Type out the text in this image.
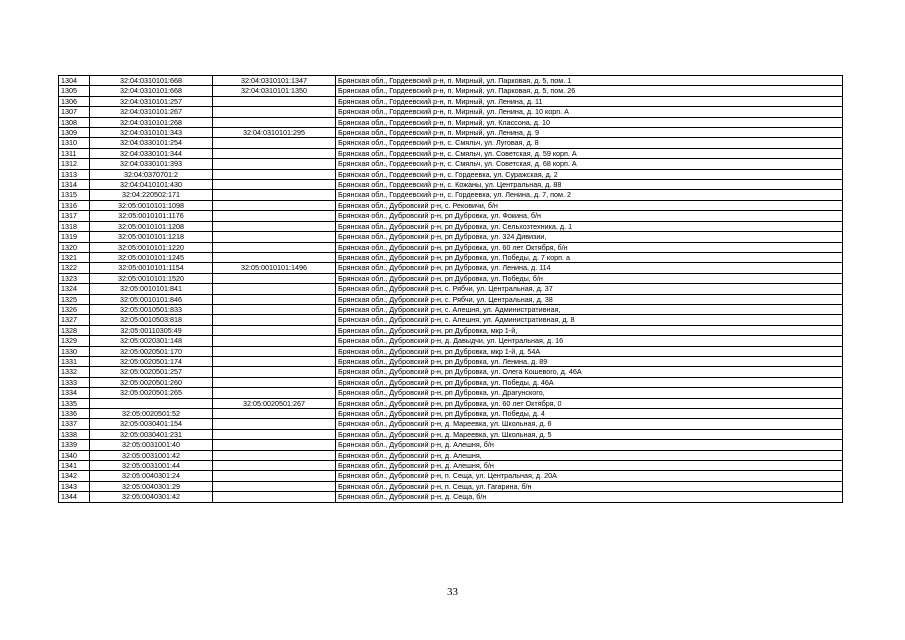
1304	32:04:0310101:668	32:04:0310101:1347	Брянская обл., Гордеевский р-н, п. Мирный, ул. Парковая, д. 5, пом. 1
1305	32:04:0310101:668	32:04:0310101:1350	Брянская обл., Гордеевский р-н, п. Мирный, ул. Парковая, д. 5, пом. 26
1306	32:04:0310101:257		Брянская обл., Гордеевский р-н, п. Мирный, ул. Ленина, д. 11
1307	32:04:0310101:267		Брянская обл., Гордеевский р-н, п. Мирный, ул. Ленина, д. 10 корп. А
1308	32:04:0310101:268		Брянская обл., Гордеевский р-н, п. Мирный, ул. Классона, д. 10
1309	32:04:0310101:343	32:04:0310101:295	Брянская обл., Гордеевский р-н, п. Мирный, ул. Ленина, д. 9
1310	32:04:0330101:254		Брянская обл., Гордеевский р-н, с. Смяльч, ул. Луговая, д. 8
1311	32:04:0330101:344		Брянская обл., Гордеевский р-н, с. Смяльч, ул. Советская, д. 59 корп. А
1312	32:04:0330101:393		Брянская обл., Гордеевский р-н, с. Смяльч, ул. Советская, д. 68 корп. А
1313	32:04:0370701:2		Брянская обл., Гордеевский р-н, с. Гордеевка, ул. Суражская, д. 2
1314	32:04:0410101:430		Брянская обл., Гордеевский р-н, с. Кожаны, ул. Центральная, д. 88
1315	32:04:220502:171		Брянская обл., Гордеевский р-н, с. Гордеевка, ул. Ленина, д. 7, пом. 2
1316	32:05:0010101:1098		Брянская обл., Дубровский р-н, с. Рековичи, б/н
1317	32:05:0010101:1176		Брянская обл., Дубровский р-н, рп Дубровка, ул. Фокина, б/н
1318	32:05:0010101:1208		Брянская обл., Дубровский р-н, рп Дубровка, ул. Сельхозтехника, д. 1
1319	32:05:0010101:1218		Брянская обл., Дубровский р-н, рп Дубровка, ул. 324 Дивизии,
1320	32:05:0010101:1220		Брянская обл., Дубровский р-н, рп Дубровка, ул. 60 лет Октября, б/н
1321	32:05:0010101:1245		Брянская обл., Дубровский р-н, рп Дубровка, ул. Победы, д. 7 корп. а
1322	32:05:0010101:1154	32:05:0010101:1496	Брянская обл., Дубровский р-н, рп Дубровка, ул. Ленина, д. 114
1323	32:05:0010101:1520		Брянская обл., Дубровский р-н, рп Дубровка, ул. Победы, б/н
1324	32:05:0010101:841		Брянская обл., Дубровский р-н, с. Рябчи, ул. Центральная, д. 37
1325	32:05:0010101:846		Брянская обл., Дубровский р-н, с. Рябчи, ул. Центральная, д. 38
1326	32:05:0010501:833		Брянская обл., Дубровский р-н, с. Алешня, ул. Административная,
1327	32:05:0010503:818		Брянская обл., Дубровский р-н, с. Алешня, ул. Административная, д. 8
1328	32:05:00110305:49		Брянская обл., Дубровский р-н, рп Дубровка, мкр 1-й,
1329	32:05:0020301:148		Брянская обл., Дубровский р-н, д. Давыдчи, ул. Центральная, д. 16
1330	32:05:0020501:170		Брянская обл., Дубровский р-н, рп Дубровка, мкр 1-й, д. 54А
1331	32:05:0020501:174		Брянская обл., Дубровский р-н, рп Дубровка, ул. Ленина, д. 89
1332	32:05:0020501:257		Брянская обл., Дубровский р-н, рп Дубровка, ул. Олега Кошевого, д. 46А
1333	32:05:0020501:260		Брянская обл., Дубровский р-н, рп Дубровка, ул. Победы, д. 46А
1334	32:05:0020501:265		Брянская обл., Дубровский р-н, рп Дубровка, ул. Драгунского,
1335		32:05:0020501:267	Брянская обл., Дубровский р-н, рп Дубровка, ул. 60 лет Октября, 0
1336	32:05:0020501:52		Брянская обл., Дубровский р-н, рп Дубровка, ул. Победы, д. 4
1337	32:05:0030401:154		Брянская обл., Дубровский р-н, д. Мареевка, ул. Школьная, д. 6
1338	32:05:0030401:231		Брянская обл., Дубровский р-н, д. Мареевка, ул. Школьная, д. 5
1339	32:05:0031001:40		Брянская обл., Дубровский р-н, д. Алешня, б/н
1340	32:05:0031001:42		Брянская обл., Дубровский р-н, д. Алешня,
1341	32:05:0031001:44		Брянская обл., Дубровский р-н, д. Алешня, б/н
1342	32:05:0040301:24		Брянская обл., Дубровский р-н, п. Сеща, ул. Центральная, д. 20А
1343	32:05:0040301:29		Брянская обл., Дубровский р-н, п. Сеща, ул. Гагарина, б/н
1344	32:05:0040301:42		Брянская обл., Дубровский р-н, д. Сеща, б/н
33
